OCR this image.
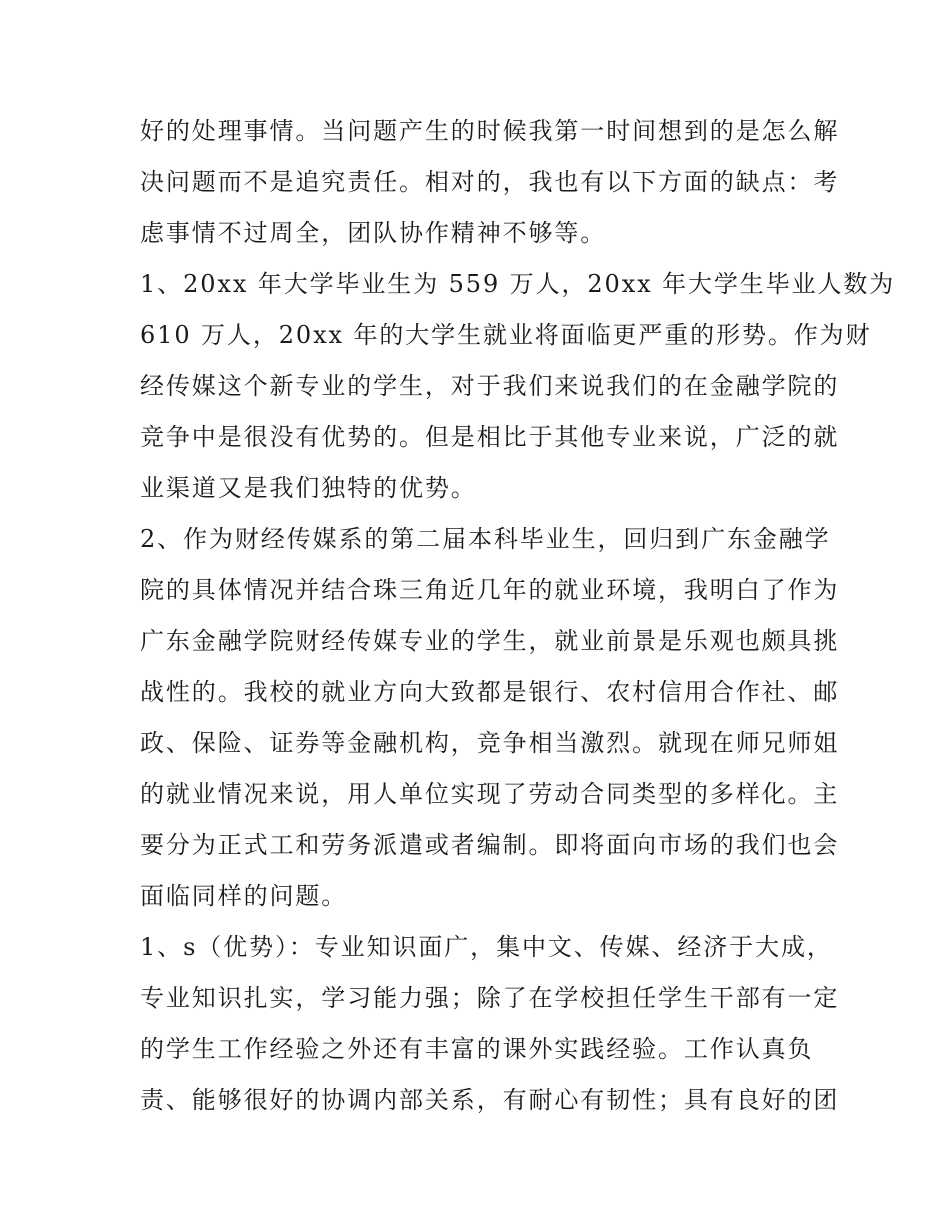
好的处理事情。当问题产生的时候我第一时间想到的是怎么解
决问题而不是追究责任。相对的，我也有以下方面的缺点：考
虑事情不过周全，团队协作精神不够等。
1、20xx 年大学毕业生为 559 万人，20xx 年大学生毕业人数为
610 万人，20xx 年的大学生就业将面临更严重的形势。作为财
经传媒这个新专业的学生，对于我们来说我们的在金融学院的
竞争中是很没有优势的。但是相比于其他专业来说，广泛的就
业渠道又是我们独特的优势。
2、作为财经传媒系的第二届本科毕业生，回归到广东金融学
院的具体情况并结合珠三角近几年的就业环境，我明白了作为
广东金融学院财经传媒专业的学生，就业前景是乐观也颇具挑
战性的。我校的就业方向大致都是银行、农村信用合作社、邮
政、保险、证券等金融机构，竞争相当激烈。就现在师兄师姐
的就业情况来说，用人单位实现了劳动合同类型的多样化。主
要分为正式工和劳务派遣或者编制。即将面向市场的我们也会
面临同样的问题。
1、s（优势）：专业知识面广，集中文、传媒、经济于大成，
专业知识扎实，学习能力强；除了在学校担任学生干部有一定
的学生工作经验之外还有丰富的课外实践经验。工作认真负
责、能够很好的协调内部关系，有耐心有韧性；具有良好的团
